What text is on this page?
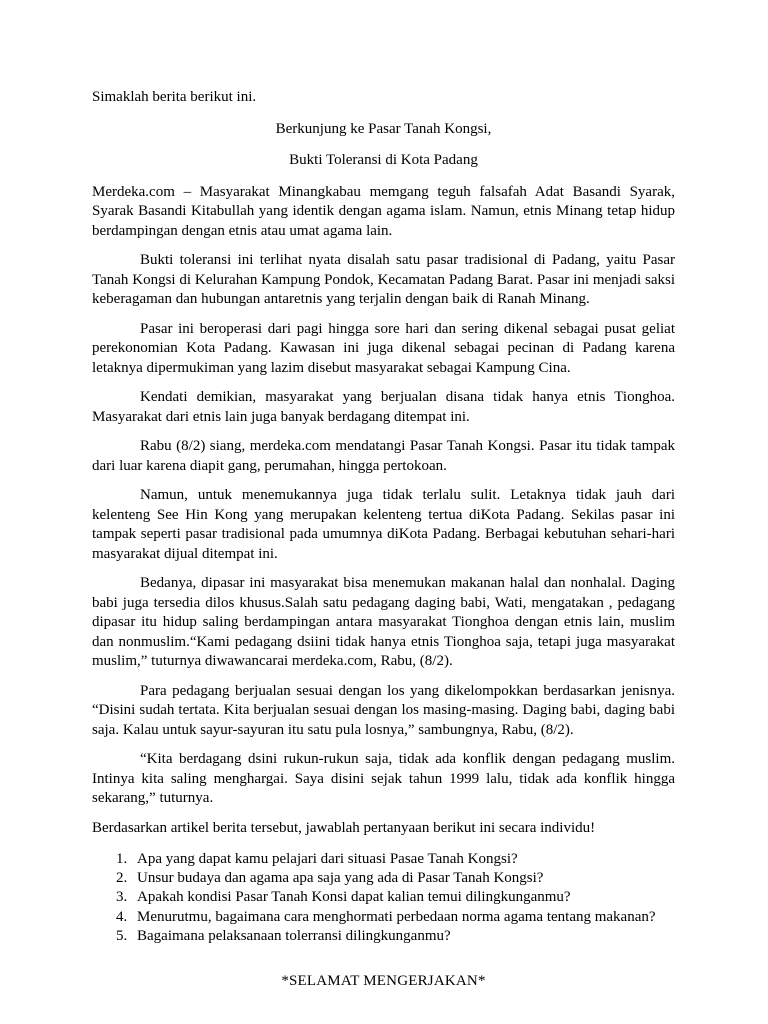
Simaklah berita berikut ini.

Berkunjung ke Pasar Tanah Kongsi,

Bukti Toleransi di Kota Padang

Merdeka.com – Masyarakat Minangkabau memgang teguh falsafah Adat Basandi Syarak, Syarak Basandi Kitabullah yang identik dengan agama islam. Namun, etnis Minang tetap hidup berdampingan dengan etnis atau umat agama lain.

Bukti toleransi ini terlihat nyata disalah satu pasar tradisional di Padang, yaitu Pasar Tanah Kongsi di Kelurahan Kampung Pondok, Kecamatan Padang Barat. Pasar ini menjadi saksi keberagaman dan hubungan antaretnis yang terjalin dengan baik di Ranah Minang.

Pasar ini beroperasi dari pagi hingga sore hari dan sering dikenal sebagai pusat geliat perekonomian Kota Padang. Kawasan ini juga dikenal sebagai pecinan di Padang karena letaknya dipermukiman yang lazim disebut masyarakat sebagai Kampung Cina.

Kendati demikian, masyarakat yang berjualan disana tidak hanya etnis Tionghoa. Masyarakat dari etnis lain juga banyak berdagang ditempat ini.

Rabu (8/2) siang, merdeka.com mendatangi Pasar Tanah Kongsi. Pasar itu tidak tampak dari luar karena diapit gang, perumahan, hingga pertokoan.

Namun, untuk menemukannya juga tidak terlalu sulit. Letaknya tidak jauh dari kelenteng See Hin Kong yang merupakan kelenteng tertua diKota Padang. Sekilas pasar ini tampak seperti pasar tradisional pada umumnya diKota Padang. Berbagai kebutuhan sehari-hari masyarakat dijual ditempat ini.

Bedanya, dipasar ini masyarakat bisa menemukan makanan halal dan nonhalal. Daging babi juga tersedia dilos khusus.Salah satu pedagang daging babi, Wati, mengatakan , pedagang dipasar itu hidup saling berdampingan antara masyarakat Tionghoa dengan etnis lain, muslim dan nonmuslim.“Kami pedagang dsiini tidak hanya etnis Tionghoa saja, tetapi juga masyarakat muslim,” tuturnya diwawancarai merdeka.com, Rabu, (8/2).

Para pedagang berjualan sesuai dengan los yang dikelompokkan berdasarkan jenisnya. “Disini sudah tertata. Kita berjualan sesuai dengan los masing-masing. Daging babi, daging babi saja. Kalau untuk sayur-sayuran itu satu pula losnya,” sambungnya, Rabu, (8/2).

“Kita berdagang dsini rukun-rukun saja, tidak ada konflik dengan pedagang muslim. Intinya kita saling menghargai. Saya disini sejak tahun 1999 lalu, tidak ada konflik hingga sekarang,” tuturnya.

Berdasarkan artikel berita tersebut, jawablah pertanyaan berikut ini secara individu!

1. Apa yang dapat kamu pelajari dari situasi Pasae Tanah Kongsi?
2. Unsur budaya dan agama apa saja yang ada di Pasar Tanah Kongsi?
3. Apakah kondisi Pasar Tanah Konsi dapat kalian temui dilingkunganmu?
4. Menurutmu, bagaimana cara menghormati perbedaan norma agama tentang makanan?
5. Bagaimana pelaksanaan tolerransi dilingkunganmu?

*SELAMAT MENGERJAKAN*
